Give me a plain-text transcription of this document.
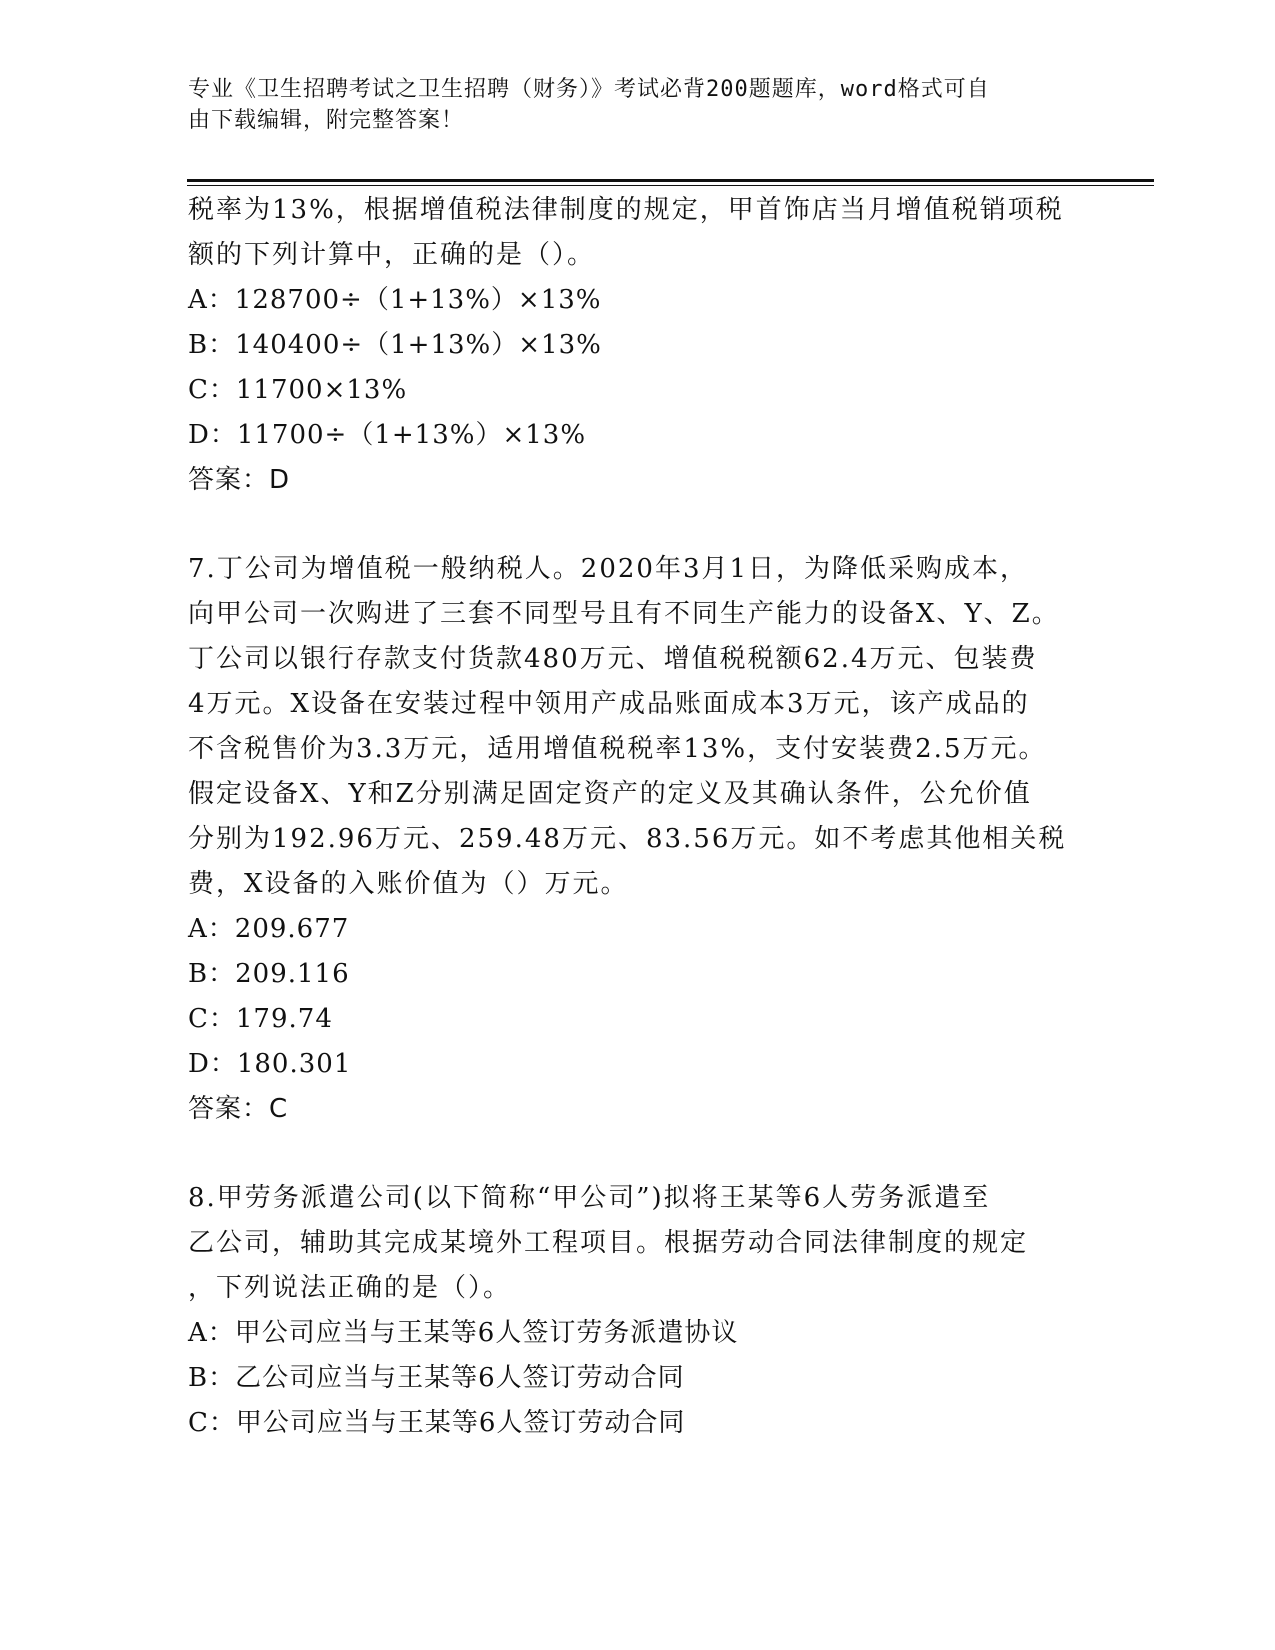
专业《卫生招聘考试之卫生招聘（财务）》考试必背200题题库，word格式可自
由下载编辑，附完整答案！
税率为13%，根据增值税法律制度的规定，甲首饰店当月增值税销项税
额的下列计算中，正确的是（）。
A：128700÷（1+13%）×13%
B：140400÷（1+13%）×13%
C：11700×13%
D：11700÷（1+13%）×13%
答案：D
7.丁公司为增值税一般纳税人。2020年3月1日，为降低采购成本，
向甲公司一次购进了三套不同型号且有不同生产能力的设备X、Y、Z。
丁公司以银行存款支付货款480万元、增值税税额62.4万元、包装费
4万元。X设备在安装过程中领用产成品账面成本3万元，该产成品的
不含税售价为3.3万元，适用增值税税率13%，支付安装费2.5万元。
假定设备X、Y和Z分别满足固定资产的定义及其确认条件，公允价值
分别为192.96万元、259.48万元、83.56万元。如不考虑其他相关税
费，X设备的入账价值为（）万元。
A：209.677
B：209.116
C：179.74
D：180.301
答案：C
8.甲劳务派遣公司(以下简称“甲公司”)拟将王某等6人劳务派遣至
乙公司，辅助其完成某境外工程项目。根据劳动合同法律制度的规定
，下列说法正确的是（）。
A：甲公司应当与王某等6人签订劳务派遣协议
B：乙公司应当与王某等6人签订劳动合同
C：甲公司应当与王某等6人签订劳动合同
